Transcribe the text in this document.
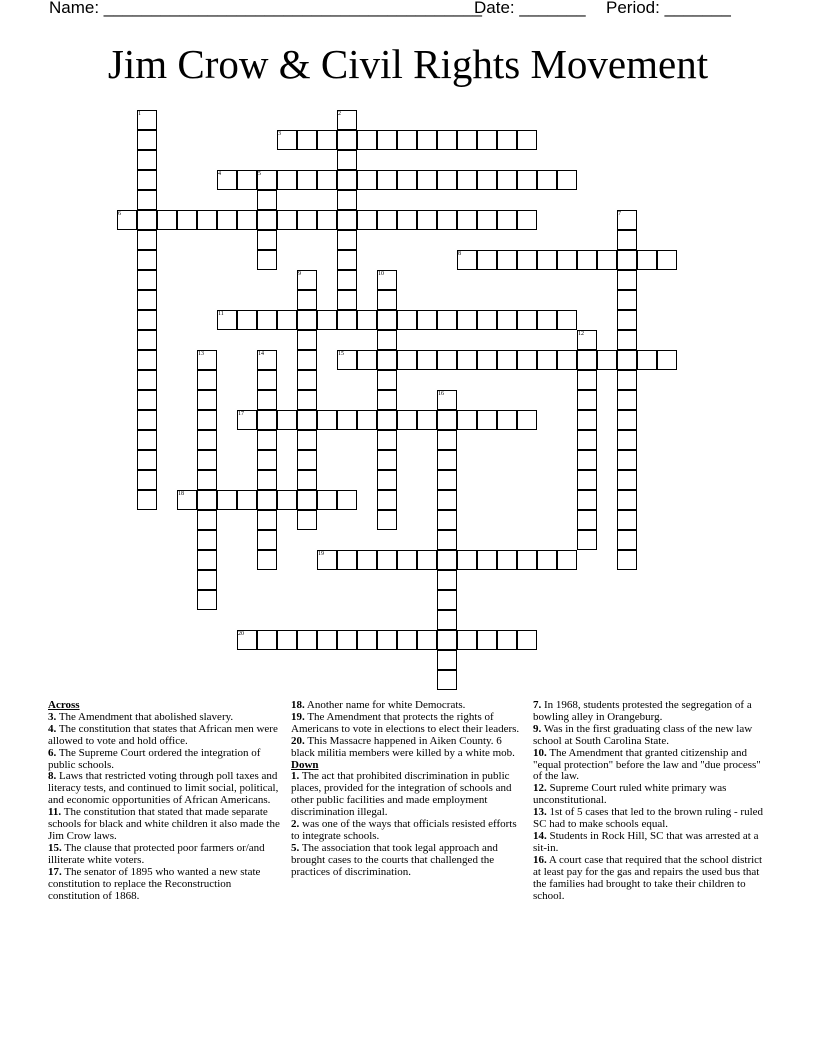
Name: ________________________________________
Date: _______ Period: _______
Jim Crow & Civil Rights Movement
1	2
3
4	5
6	7
8
9	10
11
12
13	14	15
16
17
18
19
20

Across

3. The Amendment that abolished slavery.

4. The constitution that states that African men were allowed to vote and hold office.

6. The Supreme Court ordered the integration of public schools.

8. Laws that restricted voting through poll taxes and literacy tests, and continued to limit social, political, and economic opportunities of African Americans.

11. The constitution that stated that made separate schools for black and white children it also made the Jim Crow laws.

15. The clause that protected poor farmers or/and illiterate white voters.

17. The senator of 1895 who wanted a new state constitution to replace the Reconstruction constitution of 1868.

18. Another name for white Democrats.

19. The Amendment that protects the rights of Americans to vote in elections to elect their leaders.

20. This Massacre happened in Aiken County. 6 black militia members were killed by a white mob.

Down

1. The act that prohibited discrimination in public places, provided for the integration of schools and other public facilities and made employment discrimination illegal.

2. was one of the ways that officials resisted efforts to integrate schools.

5. The association that took legal approach and brought cases to the courts that challenged the practices of discrimination.

7. In 1968, students protested the segregation of a bowling alley in Orangeburg.

9. Was in the first graduating class of the new law school at South Carolina State.

10. The Amendment that granted citizenship and "equal protection" before the law and "due process" of the law.

12. Supreme Court ruled white primary was unconstitutional.

13. 1st of 5 cases that led to the brown ruling - ruled SC had to make schools equal.

14. Students in Rock Hill, SC that was arrested at a sit-in.

16. A court case that required that the school district at least pay for the gas and repairs the used bus that the families had brought to take their children to school.
